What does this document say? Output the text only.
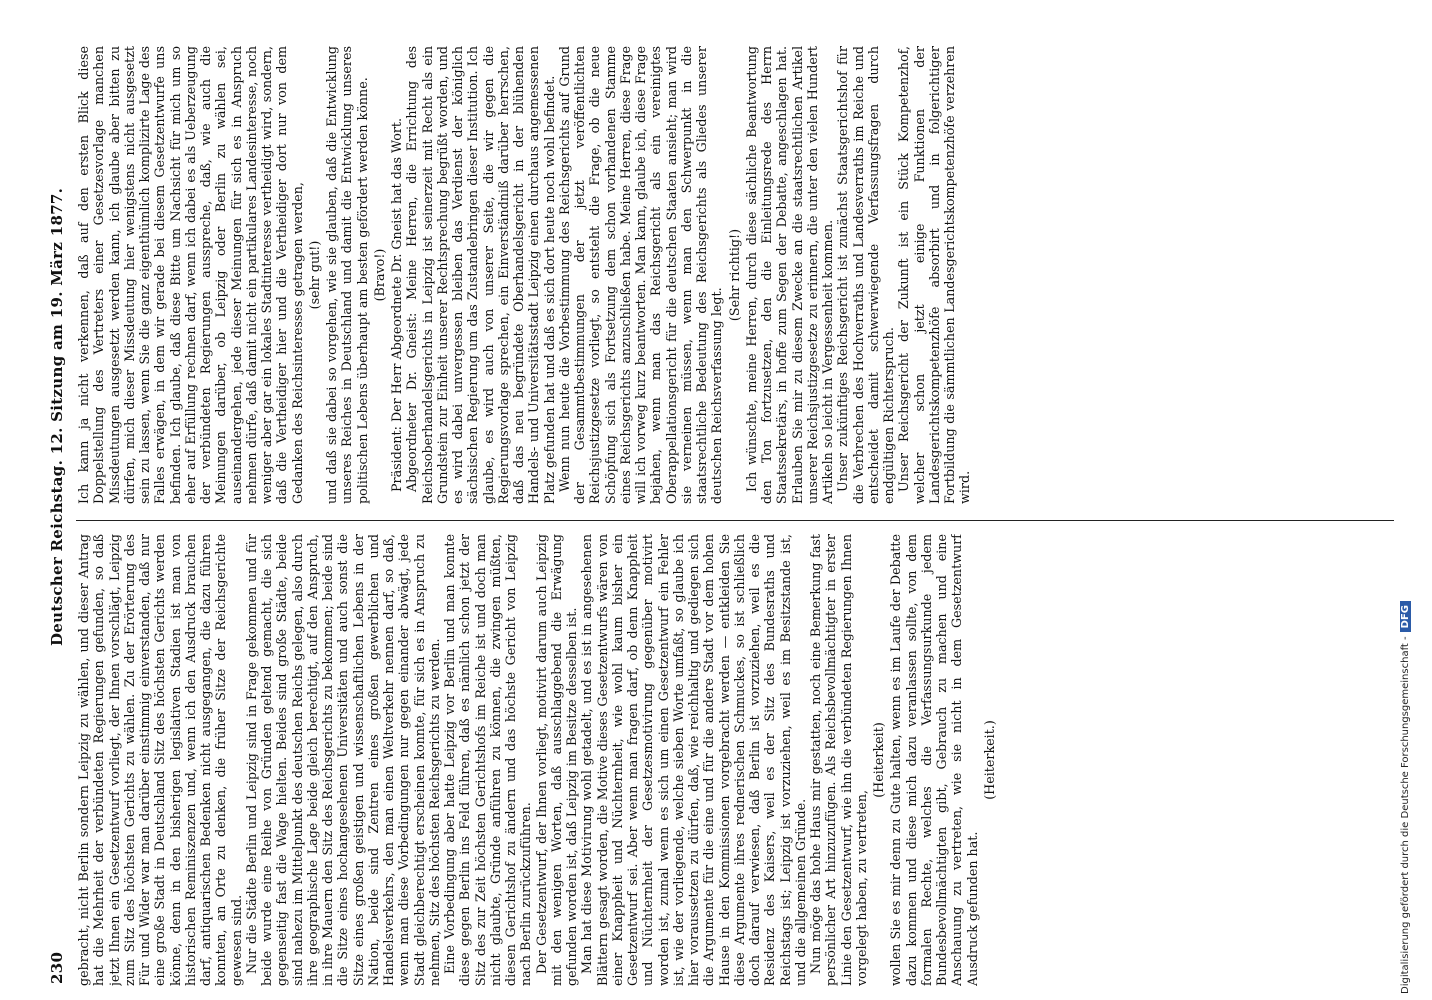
230
Deutscher Reichstag. 12. Sitzung am 19. März 1877.

gebracht, nicht Berlin sondern Leipzig zu wählen, und dieser Antrag hat die Mehrheit der verbündeten Regierungen gefunden, so daß jetzt Ihnen ein Gesetzentwurf vorliegt, der Ihnen vorschlägt, Leipzig zum Sitz des höchsten Gerichts zu wählen. Zu der Erörterung des Für und Wider war man darüber einstimmig einverstanden, daß nur eine große Stadt in Deutschland Sitz des höchsten Gerichts werden könne, denn in den bisherigen legislativen Stadien ist man von historischen Reminiszenzen und, wenn ich den Ausdruck brauchen darf, antiquarischen Bedenken nicht ausgegangen, die dazu führen konnten, an Orte zu denken, die früher Sitze der Reichsgerichte gewesen sind. Nur die Städte Berlin und Leipzig sind in Frage gekommen und für beide wurde eine Reihe von Gründen geltend gemacht, die sich gegenseitig fast die Wage hielten. Beides sind große Städte, beide sind nahezu im Mittelpunkt des deutschen Reichs gelegen, also durch ihre geographische Lage beide gleich berechtigt, auf den Anspruch, in ihre Mauern den Sitz des Reichsgerichts zu bekommen; beide sind die Sitze eines hochangesehenen Universitäten und auch sonst die Sitze eines großen geistigen und wissenschaftlichen Lebens in der Nation, beide sind Zentren eines großen gewerblichen und Handelsverkehrs, den man einen Weltverkehr nennen darf, so daß, wenn man diese Vorbedingungen nur gegen einander abwägt, jede Stadt gleichberechtigt erscheinen konnte, für sich es in Anspruch zu nehmen, Sitz des höchsten Reichsgerichts zu werden. Eine Vorbedingung aber hatte Leipzig vor Berlin und man konnte diese gegen Berlin ins Feld führen, daß es nämlich schon jetzt der Sitz des zur Zeit höchsten Gerichtshofs im Reiche ist und doch man nicht glaubte, Gründe anführen zu können, die zwingen müßten, diesen Gerichtshof zu ändern und das höchste Gericht von Leipzig nach Berlin zurückzuführen. Der Gesetzentwurf, der Ihnen vorliegt, motivirt darum auch Leipzig mit den wenigen Worten, daß ausschlaggebend die Erwägung gefunden worden ist, daß Leipzig im Besitze desselben ist. Man hat diese Motivirung wohl getadelt, und es ist in angesehenen Blättern gesagt worden, die Motive dieses Gesetzentwurfs wären von einer Knappheit und Nüchternheit, wie wohl kaum bisher ein Gesetzentwurf sei. Aber wenn man fragen darf, ob denn Knappheit und Nüchternheit der Gesetzesmotivirung gegenüber motivirt worden ist, zumal wenn es sich um einen Gesetzentwurf ein Fehler ist, wie der vorliegende, welche sieben Worte umfaßt, so glaube ich hier voraussetzen zu dürfen, daß, wie reichhaltig und gediegen sich die Argumente für die eine und für die andere Stadt vor dem hohen Hause in den Kommissionen vorgebracht werden — entkleiden Sie diese Argumente ihres rednerischen Schmuckes, so ist schließlich doch darauf verwiesen, daß Berlin ist vorzuziehen, weil es die Residenz des Kaisers, weil es der Sitz des Bundesraths und Reichstags ist; Leipzig ist vorzuziehen, weil es im Besitzstande ist, und die allgemeinen Gründe. Nun möge das hohe Haus mir gestatten, noch eine Bemerkung fast persönlicher Art hinzuzufügen. Als Reichsbevollmächtigter in erster Linie den Gesetzentwurf, wie ihn die verbündeten Regierungen Ihnen vorgelegt haben, zu vertreten,

(Heiterkeit) wollen Sie es mir denn zu Gute halten, wenn es im Laufe der Debatte dazu kommen und diese mich dazu veranlassen sollte, von dem formalen Rechte, welches die Verfassungsurkunde jedem Bundesbevollmächtigten gibt, Gebrauch zu machen und eine Anschauung zu vertreten, wie sie nicht in dem Gesetzentwurf Ausdruck gefunden hat.

(Heiterkeit.)

Ich kann ja nicht verkennen, daß auf den ersten Blick diese Doppelstellung des Vertreters einer Gesetzesvorlage manchen Missdeutungen ausgesetzt werden kann, ich glaube aber bitten zu dürfen, mich dieser Missdeutung hier wenigstens nicht ausgesetzt sein zu lassen, wenn Sie die ganz eigenthümlich komplizirte Lage des Falles erwägen, in dem wir gerade bei diesem Gesetzentwurfe uns befinden. Ich glaube, daß diese Bitte um Nachsicht für mich um so eher auf Erfüllung rechnen darf, wenn ich dabei es als Ueberzeugung der verbündeten Regierungen ausspreche, daß, wie auch die Meinungen darüber, ob Leipzig oder Berlin zu wählen sei, auseinandergehen, jede dieser Meinungen für sich es in Anspruch nehmen dürfe, daß damit nicht ein partikulares Landesinteresse, noch weniger aber gar ein lokales Stadtinteresse vertheidigt wird, sondern, daß die Vertheidiger hier und die Vertheidiger dort nur von dem Gedanken des Reichsinteresses getragen werden, (sehr gut!) und daß sie dabei so vorgehen, wie sie glauben, daß die Entwicklung unseres Reiches in Deutschland und damit die Entwicklung unseres politischen Lebens überhaupt am besten gefördert werden könne. (Bravo!) Präsident: Der Herr Abgeordnete Dr. Gneist hat das Wort. Abgeordneter Dr. Gneist: Meine Herren, die Errichtung des Reichsoberhandelsgerichts in Leipzig ist seinerzeit mit Recht als ein Grundstein zur Einheit unserer Rechtsprechung begrüßt worden, und es wird dabei unvergessen bleiben das Verdienst der königlich sächsischen Regierung um das Zustandebringen dieser Institution. Ich glaube, es wird auch von unserer Seite, die wir gegen die Regierungsvorlage sprechen, ein Einverständniß darüber herrschen, daß das neu begründete Oberhandelsgericht in der blühenden Handels- und Universitätsstadt Leipzig einen durchaus angemessenen Platz gefunden hat und daß es sich dort heute noch wohl befindet. Wenn nun heute die Vorbestimmung des Reichsgerichts auf Grund der Gesammtbestimmungen der jetzt veröffentlichten Reichsjustizgesetze vorliegt, so entsteht die Frage, ob die neue Schöpfung sich als Fortsetzung dem schon vorhandenen Stamme eines Reichsgerichts anzuschließen habe. Meine Herren, diese Frage will ich vorweg kurz beantworten. Man kann, glaube ich, diese Frage bejahen, wenn man das Reichsgericht als ein vereinigtes Oberappellationsgericht für die deutschen Staaten ansieht; man wird sie verneinen müssen, wenn man den Schwerpunkt in die staatsrechtliche Bedeutung des Reichsgerichts als Gliedes unserer deutschen Reichsverfassung legt.

(Sehr richtig!) Ich wünschte, meine Herren, durch diese sächliche Beantwortung den Ton fortzusetzen, den die Einleitungsrede des Herrn Staatssekretärs, in hoffe zum Segen der Debatte, angeschlagen hat. Erlauben Sie mir zu diesem Zwecke an die staatsrechtlichen Artikel unserer Reichsjustizgesetze zu erinnern, die unter den vielen Hundert Artikeln so leicht in Vergessenheit kommen. Unser zukünftiges Reichsgericht ist zunächst Staatsgerichtshof für die Verbrechen des Hochverraths und Landesverraths im Reiche und entscheidet damit schwerwiegende Verfassungsfragen durch endgültigen Richterspruch. Unser Reichsgericht der Zukunft ist ein Stück Kompetenzhof, welcher schon jetzt einige Funktionen der Landesgerichtskompetenzhöfe absorbirt und in folgerichtiger Fortbildung die sämmtlichen Landesgerichtskompetenzhöfe verzehren wird.

Digitalisierung gefördert durch die Deutsche Forschungsgemeinschaft -DFG
